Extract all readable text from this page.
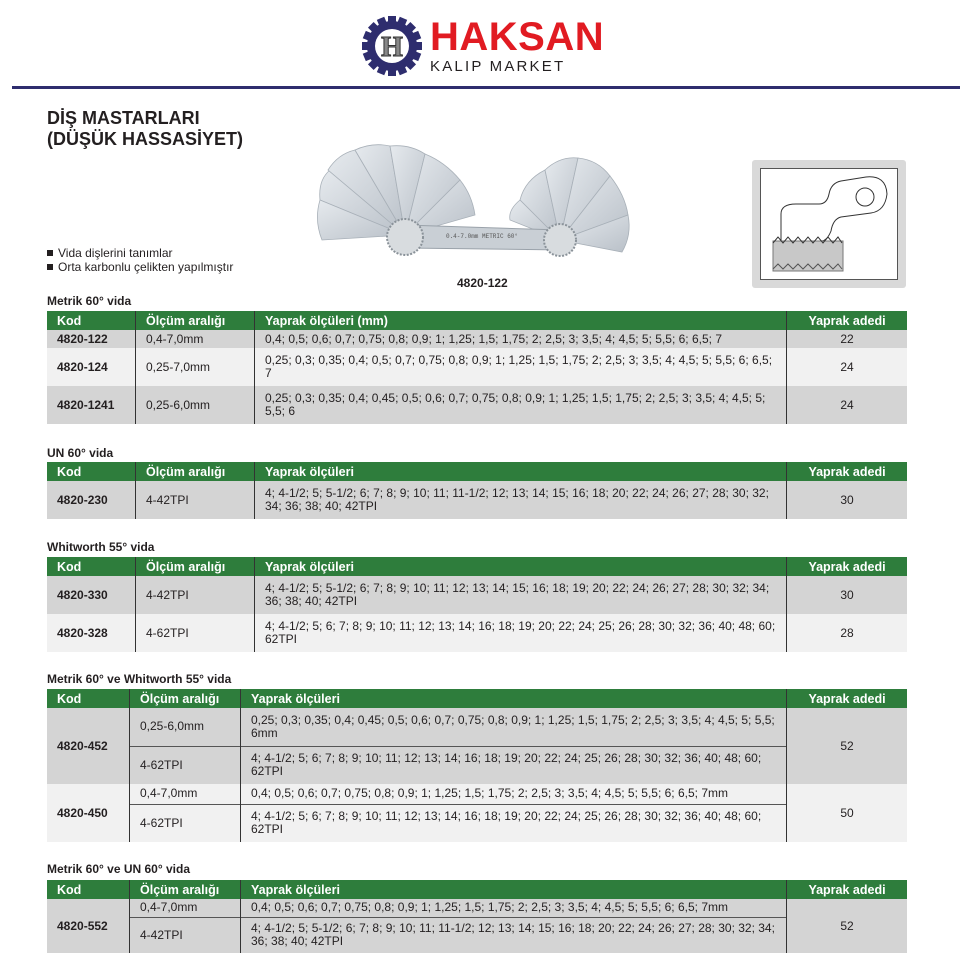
H HAKSAN
KALIP MARKET
DİŞ MASTARLARI
(DÜŞÜK HASSASİYET)
Vida dişlerini tanımlar
Orta karbonlu çelikten yapılmıştır
0.4-7.0mm METRIC 60°
4820-122
Metrik 60° vida
Kod	Ölçüm aralığı	Yaprak ölçüleri (mm)	Yaprak adedi
4820-122	0,4-7,0mm	0,4; 0,5; 0,6; 0,7; 0,75; 0,8; 0,9; 1; 1,25; 1,5; 1,75; 2; 2,5; 3; 3,5; 4; 4,5; 5; 5,5; 6; 6,5; 7	22
4820-124	0,25-7,0mm	0,25; 0,3; 0,35; 0,4; 0,5; 0,7; 0,75; 0,8; 0,9; 1; 1,25; 1,5; 1,75; 2; 2,5; 3; 3,5; 4; 4,5; 5; 5,5; 6; 6,5; 7	24
4820-1241	0,25-6,0mm	0,25; 0,3; 0,35; 0,4; 0,45; 0,5; 0,6; 0,7; 0,75; 0,8; 0,9; 1; 1,25; 1,5; 1,75; 2; 2,5; 3; 3,5; 4; 4,5; 5; 5,5; 6	24
UN 60° vida
Kod	Ölçüm aralığı	Yaprak ölçüleri	Yaprak adedi
4820-230	4-42TPI	4; 4-1/2; 5; 5-1/2; 6; 7; 8; 9; 10; 11; 11-1/2; 12; 13; 14; 15; 16; 18; 20; 22; 24; 26; 27; 28; 30; 32; 34; 36; 38; 40; 42TPI	30
Whitworth 55° vida
Kod	Ölçüm aralığı	Yaprak ölçüleri	Yaprak adedi
4820-330	4-42TPI	4; 4-1/2; 5; 5-1/2; 6; 7; 8; 9; 10; 11; 12; 13; 14; 15; 16; 18; 19; 20; 22; 24; 26; 27; 28; 30; 32; 34; 36; 38; 40; 42TPI	30
4820-328	4-62TPI	4; 4-1/2; 5; 6; 7; 8; 9; 10; 11; 12; 13; 14; 16; 18; 19; 20; 22; 24; 25; 26; 28; 30; 32; 36; 40; 48; 60; 62TPI	28
Metrik 60° ve Whitworth 55° vida
Kod	Ölçüm aralığı	Yaprak ölçüleri	Yaprak adedi
4820-452	0,25-6,0mm	0,25; 0,3; 0,35; 0,4; 0,45; 0,5; 0,6; 0,7; 0,75; 0,8; 0,9; 1; 1,25; 1,5; 1,75; 2; 2,5; 3; 3,5; 4; 4,5; 5; 5,5; 6mm	52
	4-62TPI	4; 4-1/2; 5; 6; 7; 8; 9; 10; 11; 12; 13; 14; 16; 18; 19; 20; 22; 24; 25; 26; 28; 30; 32; 36; 40; 48; 60; 62TPI	
4820-450	0,4-7,0mm	0,4; 0,5; 0,6; 0,7; 0,75; 0,8; 0,9; 1; 1,25; 1,5; 1,75; 2; 2,5; 3; 3,5; 4; 4,5; 5; 5,5; 6; 6,5; 7mm	50
	4-62TPI	4; 4-1/2; 5; 6; 7; 8; 9; 10; 11; 12; 13; 14; 16; 18; 19; 20; 22; 24; 25; 26; 28; 30; 32; 36; 40; 48; 60; 62TPI	
Metrik 60° ve UN 60° vida
Kod	Ölçüm aralığı	Yaprak ölçüleri	Yaprak adedi
4820-552	0,4-7,0mm	0,4; 0,5; 0,6; 0,7; 0,75; 0,8; 0,9; 1; 1,25; 1,5; 1,75; 2; 2,5; 3; 3,5; 4; 4,5; 5; 5,5; 6; 6,5; 7mm	52
	4-42TPI	4; 4-1/2; 5; 5-1/2; 6; 7; 8; 9; 10; 11; 11-1/2; 12; 13; 14; 15; 16; 18; 20; 22; 24; 26; 27; 28; 30; 32; 34; 36; 38; 40; 42TPI	
